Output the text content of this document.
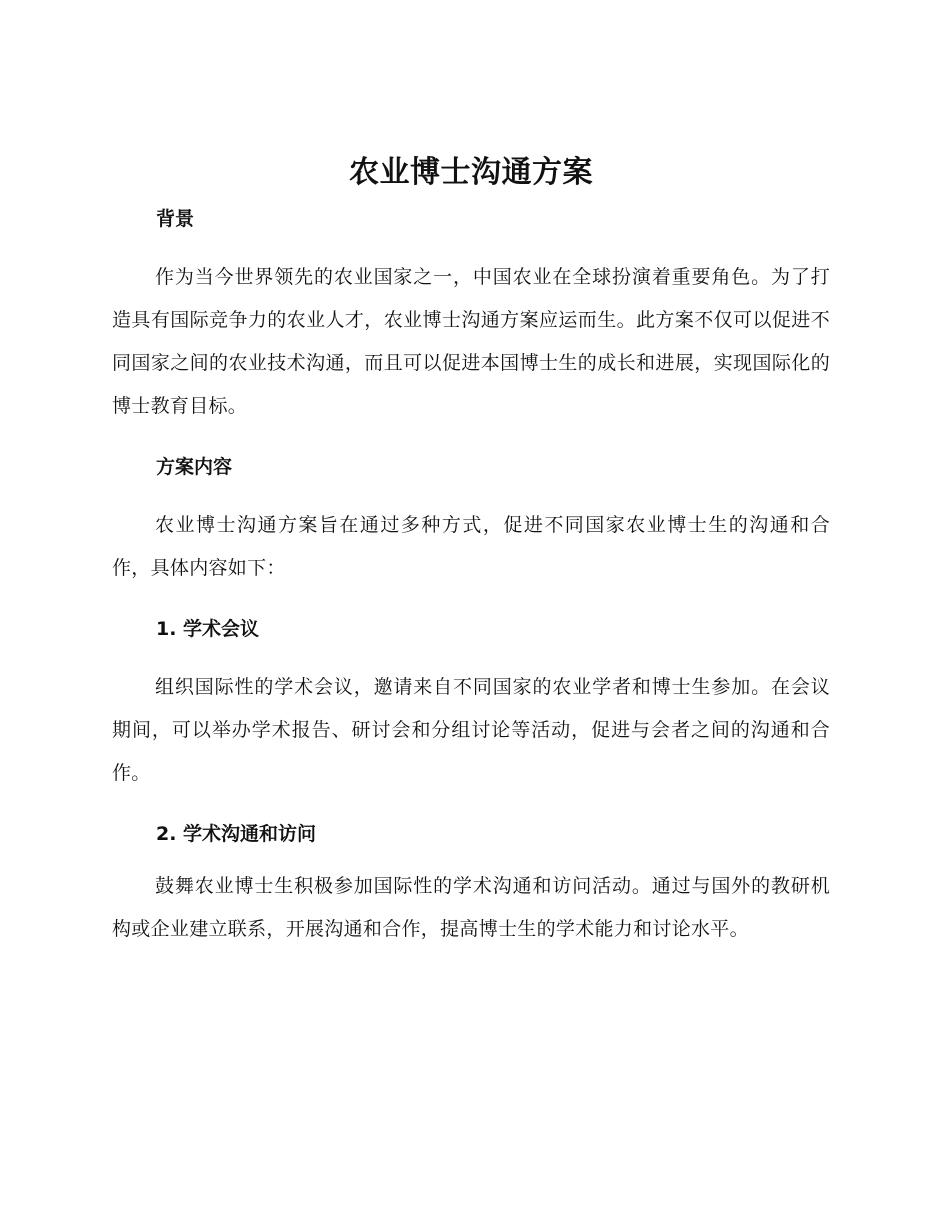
农业博士沟通方案
背景

作为当今世界领先的农业国家之一，中国农业在全球扮演着重要角色。为了打造具有国际竞争力的农业人才，农业博士沟通方案应运而生。此方案不仅可以促进不同国家之间的农业技术沟通，而且可以促进本国博士生的成长和进展，实现国际化的博士教育目标。

方案内容

农业博士沟通方案旨在通过多种方式，促进不同国家农业博士生的沟通和合作，具体内容如下：

1. 学术会议

组织国际性的学术会议，邀请来自不同国家的农业学者和博士生参加。在会议期间，可以举办学术报告、研讨会和分组讨论等活动，促进与会者之间的沟通和合作。

2. 学术沟通和访问

鼓舞农业博士生积极参加国际性的学术沟通和访问活动。通过与国外的教研机构或企业建立联系，开展沟通和合作，提高博士生的学术能力和讨论水平。
